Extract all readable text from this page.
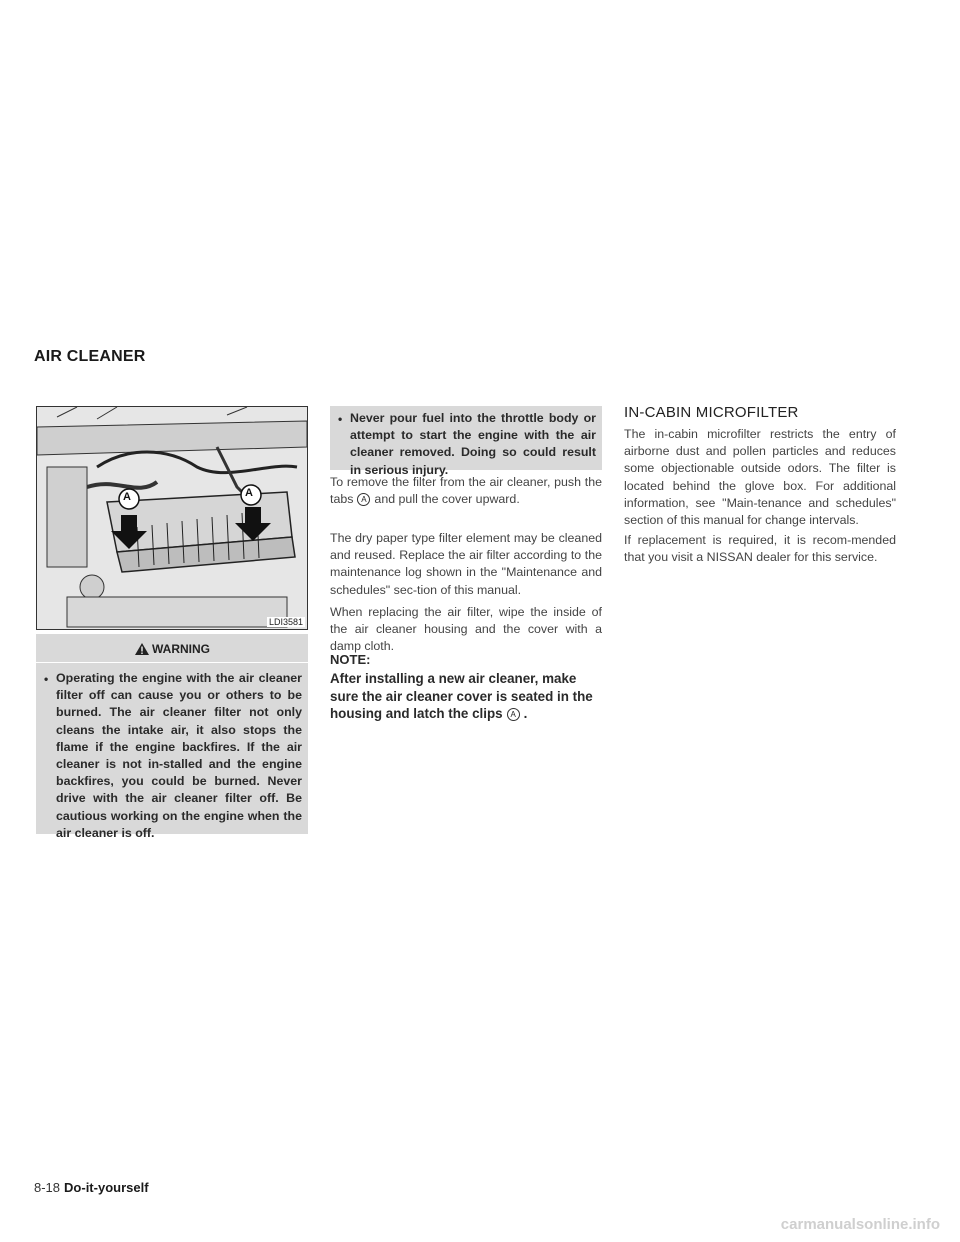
AIR CLEANER
A	A
LDI3581
WARNING
• Operating the engine with the air cleaner filter off can cause you or others to be burned. The air cleaner filter not only cleans the intake air, it also stops the flame if the engine backfires. If the air cleaner is not in-stalled and the engine backfires, you could be burned. Never drive with the air cleaner filter off. Be cautious working on the engine when the air cleaner is off.
• Never pour fuel into the throttle body or attempt to start the engine with the air cleaner removed. Doing so could result in serious injury.
To remove the filter from the air cleaner, push the tabs A and pull the cover upward.
The dry paper type filter element may be cleaned and reused. Replace the air filter according to the maintenance log shown in the "Maintenance and schedules" sec-tion of this manual.
When replacing the air filter, wipe the inside of the air cleaner housing and the cover with a damp cloth.
NOTE:
After installing a new air cleaner, make sure the air cleaner cover is seated in the housing and latch the clips A .
IN-CABIN MICROFILTER
The in-cabin microfilter restricts the entry of airborne dust and pollen particles and reduces some objectionable outside odors. The filter is located behind the glove box. For additional information, see "Main-tenance and schedules" section of this manual for change intervals.
If replacement is required, it is recom-mended that you visit a NISSAN dealer for this service.
8-18 Do-it-yourself
carmanualsonline.info
